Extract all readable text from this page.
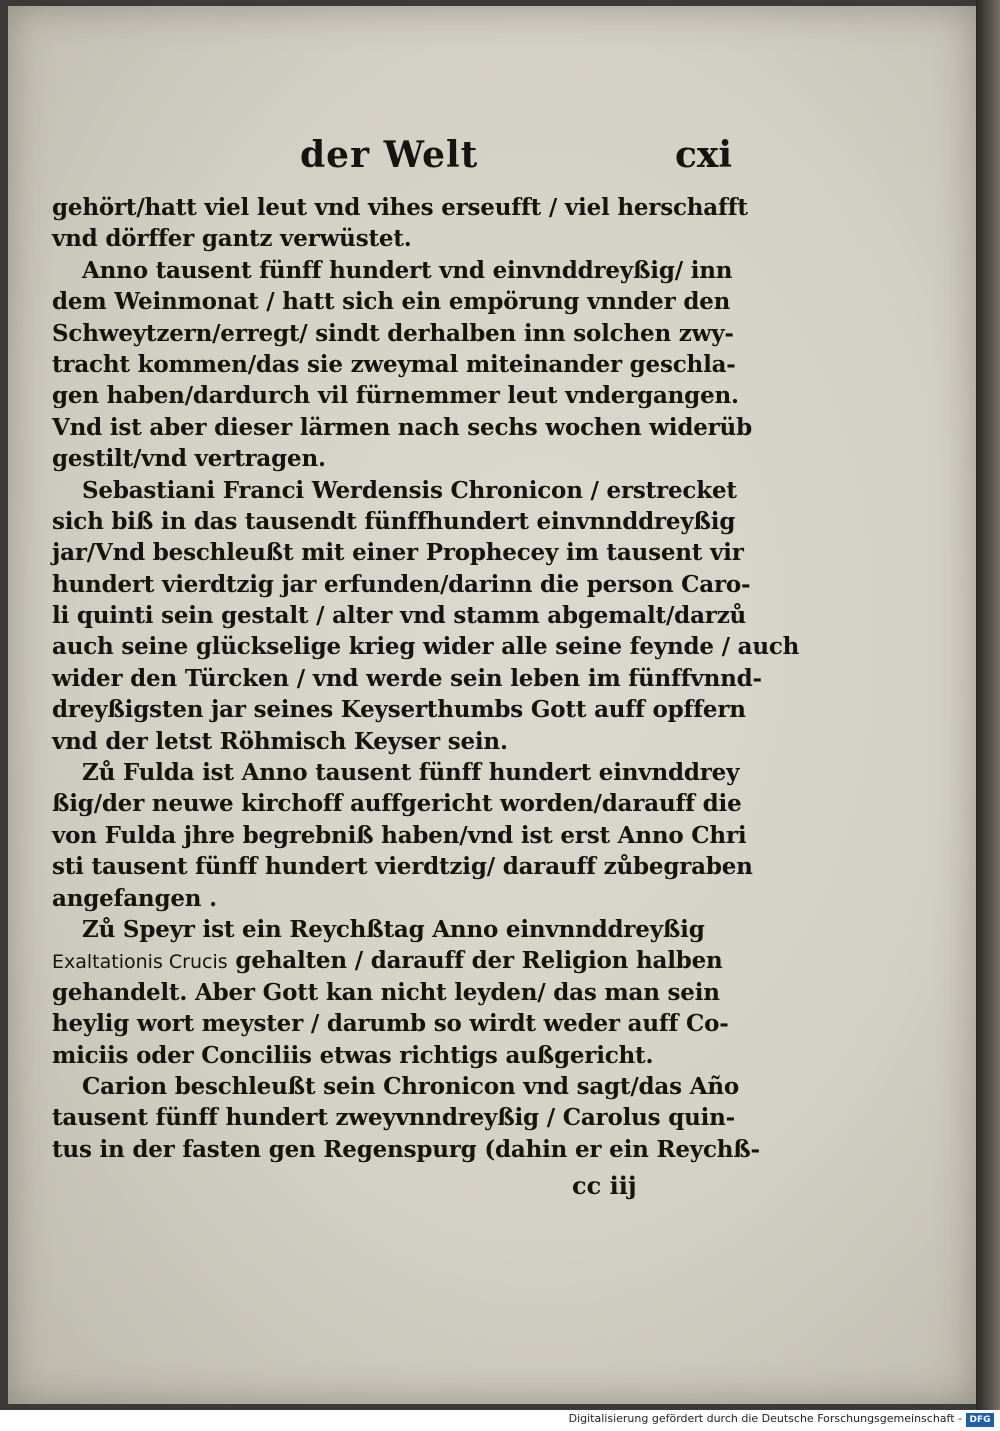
der Welt	cxi
gehört/hatt viel leut vnd vihes erseufft / viel herschafft
vnd dörffer gantz verwüstet.
Anno tausent fünff hundert vnd einvnddreyßig/ inn
dem Weinmonat / hatt sich ein empörung vnnder den
Schweytzern/erregt/ sindt derhalben inn solchen zwy-
tracht kommen/das sie zweymal miteinander geschla-
gen haben/dardurch vil fürnemmer leut vndergangen.
Vnd ist aber dieser lärmen nach sechs wochen widerüb
gestilt/vnd vertragen.
Sebastiani Franci Werdensis Chronicon / erstrecket
sich biß in das tausendt fünffhundert einvnnddreyßig
jar/Vnd beschleußt mit einer Prophecey im tausent vir
hundert vierdtzig jar erfunden/darinn die person Caro-
li quinti sein gestalt / alter vnd stamm abgemalt/darzů
auch seine glückselige krieg wider alle seine feynde / auch
wider den Türcken / vnd werde sein leben im fünffvnnd-
dreyßigsten jar seines Keyserthumbs Gott auff opffern
vnd der letst Röhmisch Keyser sein.
Zů Fulda ist Anno tausent fünff hundert einvnddrey
ßig/der neuwe kirchoff auffgericht worden/darauff die
von Fulda jhre begrebniß haben/vnd ist erst Anno Chri
sti tausent fünff hundert vierdtzig/ darauff zůbegraben
angefangen .
Zů Speyr ist ein Reychßtag Anno einvnnddreyßig
Exaltationis Crucis gehalten / darauff der Religion halben
gehandelt. Aber Gott kan nicht leyden/ das man sein
heylig wort meyster / darumb so wirdt weder auff Co-
miciis oder Conciliis etwas richtigs außgericht.
Carion beschleußt sein Chronicon vnd sagt/das Año
tausent fünff hundert zweyvnndreyßig / Carolus quin-
tus in der fasten gen Regenspurg (dahin er ein Reychß-
cc iij
Digitalisierung gefördert durch die Deutsche Forschungsgemeinschaft - DFG
